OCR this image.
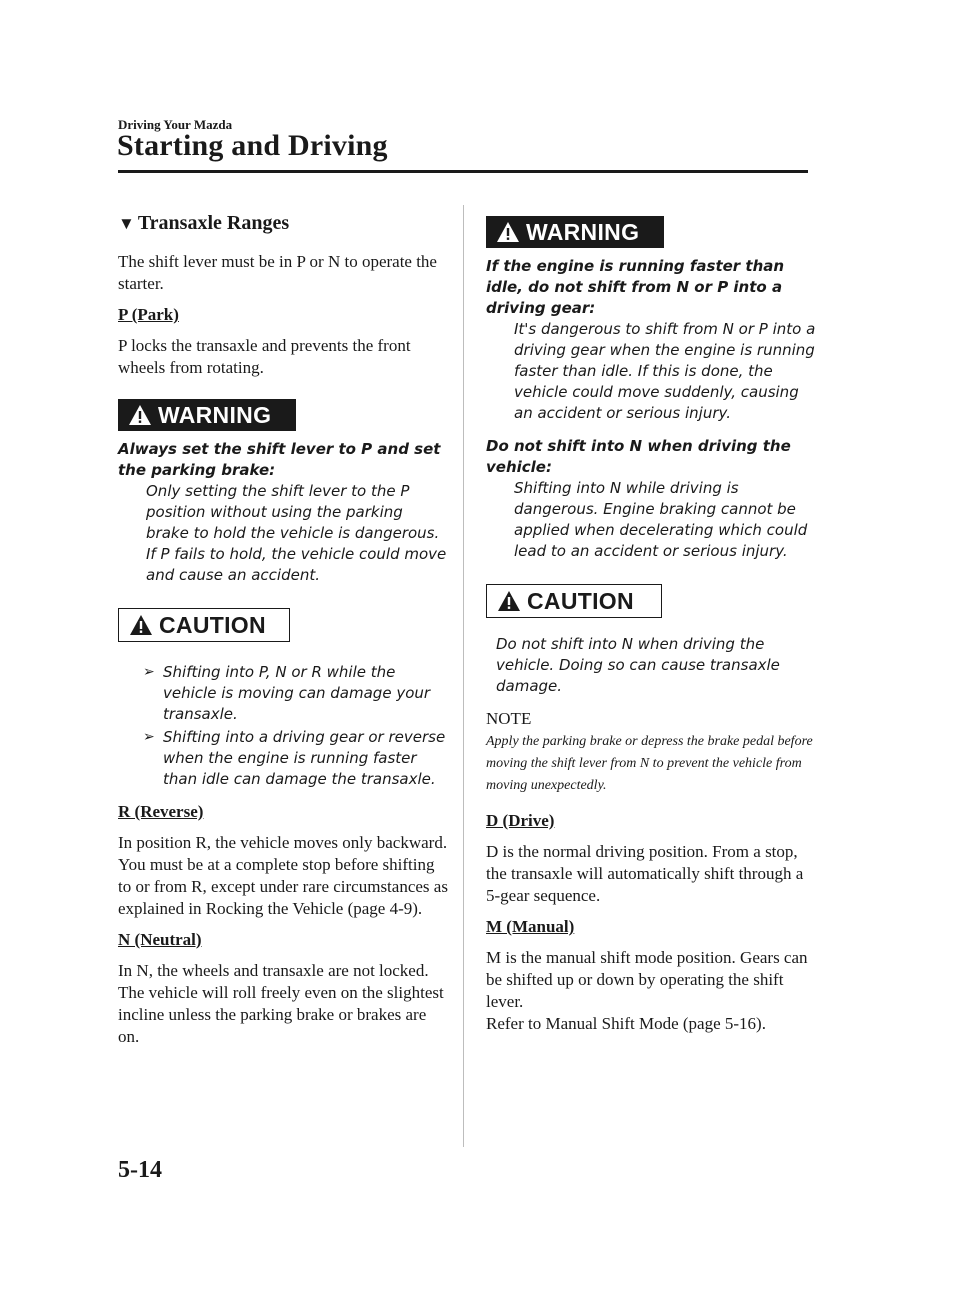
Driving Your Mazda
Starting and Driving
▼ Transaxle Ranges

The shift lever must be in P or N to operate the starter.

P (Park)

P locks the transaxle and prevents the front wheels from rotating.

WARNING

Always set the shift lever to P and set the parking brake:

Only setting the shift lever to the P position without using the parking brake to hold the vehicle is dangerous. If P fails to hold, the vehicle could move and cause an accident.

CAUTION
➢ Shifting into P, N or R while the vehicle is moving can damage your transaxle.
➢ Shifting into a driving gear or reverse when the engine is running faster than idle can damage the transaxle.
R (Reverse)

In position R, the vehicle moves only backward. You must be at a complete stop before shifting to or from R, except under rare circumstances as explained in Rocking the Vehicle (page 4-9).

N (Neutral)

In N, the wheels and transaxle are not locked. The vehicle will roll freely even on the slightest incline unless the parking brake or brakes are on.

WARNING

If the engine is running faster than idle, do not shift from N or P into a driving gear:

It's dangerous to shift from N or P into a driving gear when the engine is running faster than idle. If this is done, the vehicle could move suddenly, causing an accident or serious injury.

Do not shift into N when driving the vehicle:

Shifting into N while driving is dangerous. Engine braking cannot be applied when decelerating which could lead to an accident or serious injury.

CAUTION

Do not shift into N when driving the vehicle. Doing so can cause transaxle damage.

NOTE

Apply the parking brake or depress the brake pedal before moving the shift lever from N to prevent the vehicle from moving unexpectedly.

D (Drive)

D is the normal driving position. From a stop, the transaxle will automatically shift through a 5-gear sequence.

M (Manual)

M is the manual shift mode position. Gears can be shifted up or down by operating the shift lever.

Refer to Manual Shift Mode (page 5-16).

5-14
